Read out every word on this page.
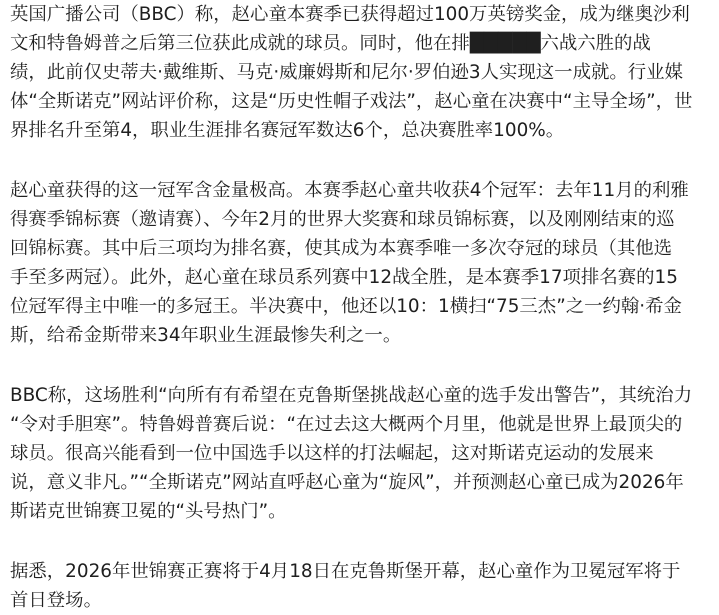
英国广播公司（BBC）称，赵心童本赛季已获得超过100万英镑奖金，成为继奥沙利
文和特鲁姆普之后第三位获此成就的球员。同时，他在排█████六战六胜的战
绩，此前仅史蒂夫·戴维斯、马克·威廉姆斯和尼尔·罗伯逊3人实现这一成就。行业媒
体“全斯诺克”网站评价称，这是“历史性帽子戏法”，赵心童在决赛中“主导全场”，世
界排名升至第4，职业生涯排名赛冠军数达6个，总决赛胜率100%。
赵心童获得的这一冠军含金量极高。本赛季赵心童共收获4个冠军：去年11月的利雅
得赛季锦标赛（邀请赛）、今年2月的世界大奖赛和球员锦标赛，以及刚刚结束的巡
回锦标赛。其中后三项均为排名赛，使其成为本赛季唯一多次夺冠的球员（其他选
手至多两冠）。此外，赵心童在球员系列赛中12战全胜，是本赛季17项排名赛的15
位冠军得主中唯一的多冠王。半决赛中，他还以10：1横扫“75三杰”之一约翰·希金
斯，给希金斯带来34年职业生涯最惨失利之一。
BBC称，这场胜利“向所有有希望在克鲁斯堡挑战赵心童的选手发出警告”，其统治力
“令对手胆寒”。特鲁姆普赛后说：“在过去这大概两个月里，他就是世界上最顶尖的
球员。很高兴能看到一位中国选手以这样的打法崛起，这对斯诺克运动的发展来
说，意义非凡。”“全斯诺克”网站直呼赵心童为“旋风”，并预测赵心童已成为2026年
斯诺克世锦赛卫冕的“头号热门”。
据悉，2026年世锦赛正赛将于4月18日在克鲁斯堡开幕，赵心童作为卫冕冠军将于
首日登场。
